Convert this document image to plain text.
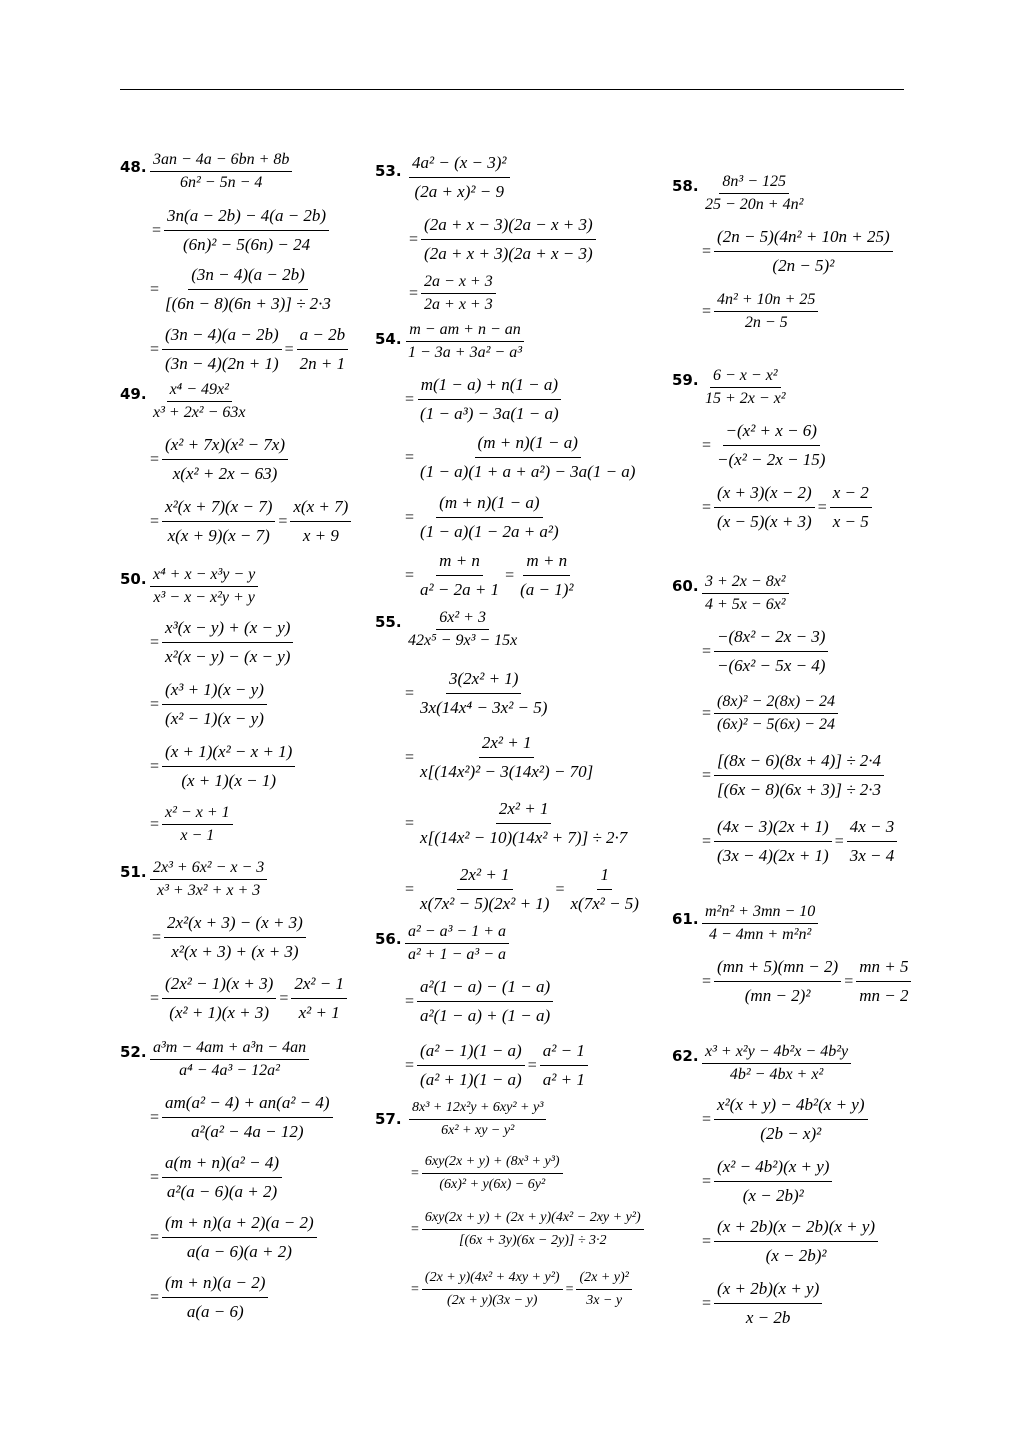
48. $\frac{3an - 4a - 6bn + 8b}{\text{6n² − 5n − 4}}$
= $\frac{3n(a - 2b) - 4(a - 2b)}{\text{(6n)² − 5(6n) − 24}}$
= $\frac{(3n - 4)(a - 2b)}{[(6n - 8)(6n + 3)] \div 2\cdot 3}$
= $\frac{(3n - 4)(a - 2b)}{(3n - 4)(2n + 1)} = \frac{a - 2b}{2n + 1}$
49. $\frac{\text{x⁴ − 49x²}}{\text{x³ + 2x² − 63x}}$
= $\frac{\text{(x² + 7x)(x² − 7x)}}{\text{x(x² + 2x − 63)}}$
= $\frac{\text{x²(x + 7)(x − 7)}}{x(x + 9)(x - 7)} = \frac{x(x + 7)}{x + 9}$
50. $\frac{\text{x⁴ + x − x³y − y}}{\text{x³ − x − x²y + y}}$
= $\frac{\text{x³(x − y) + (x − y)}}{\text{x²(x − y) − (x − y)}}$
= $\frac{\text{(x³ + 1)(x − y)}}{\text{(x² − 1)(x − y)}}$
= $\frac{\text{(x + 1)(x² − x + 1)}}{(x + 1)(x - 1)}$
= $\frac{\text{x² − x + 1}}{x - 1}$
51. $\frac{\text{2x³ + 6x² − x − 3}}{\text{x³ + 3x² + x + 3}}$
= $\frac{\text{2x²(x + 3) − (x + 3)}}{\text{x²(x + 3) + (x + 3)}}$
= $\frac{\text{(2x² − 1)(x + 3)}}{\text{(x² + 1)(x + 3)}} = \frac{\text{2x² − 1}}{\text{x² + 1}}$
52. $\frac{\text{a³m − 4am + a³n − 4an}}{\text{a⁴ − 4a³ − 12a²}}$
= $\frac{\text{am(a² − 4) + an(a² − 4)}}{\text{a²(a² − 4a − 12)}}$
= $\frac{\text{a(m + n)(a² − 4)}}{\text{a²(a − 6)(a + 2)}}$
= $\frac{(m + n)(a + 2)(a - 2)}{a(a - 6)(a + 2)}$
= $\frac{(m + n)(a - 2)}{a(a - 6)}$
53. $\frac{\text{4a² − (x − 3)²}}{\text{(2a + x)² − 9}}$
= $\frac{(2a + x - 3)(2a - x + 3)}{(2a + x + 3)(2a + x - 3)}$
= $\frac{2a - x + 3}{2a + x + 3}$
54. $\frac{m - am + n - an}{\text{1 − 3a + 3a² − a³}}$
= $\frac{m(1 - a) + n(1 - a)}{\text{(1 − a³) − 3a(1 − a)}}$
= $\frac{(m + n)(1 - a)}{\text{(1 − a)(1 + a + a²) − 3a(1 − a)}}$
= $\frac{(m + n)(1 - a)}{\text{(1 − a)(1 − 2a + a²)}}$
= $\frac{m + n}{\text{a² − 2a + 1}} = \frac{m + n}{\text{(a − 1)²}}$
55. $\frac{\text{6x² + 3}}{\text{42x⁵ − 9x³ − 15x}}$
= $\frac{\text{3(2x² + 1)}}{\text{3x(14x⁴ − 3x² − 5)}}$
= $\frac{\text{2x² + 1}}{\text{x[(14x²)² − 3(14x²) − 70]}}$
= $\frac{\text{2x² + 1}}{\text{x[(14x² − 10)(14x² + 7)] ÷ 2·7}}$
= $\frac{\text{2x² + 1}}{\text{x(7x² − 5)(2x² + 1)}} = \frac{1}{\text{x(7x² − 5)}}$
56. $\frac{\text{a² − a³ − 1 + a}}{\text{a² + 1 − a³ − a}}$
= $\frac{\text{a²(1 − a) − (1 − a)}}{\text{a²(1 − a) + (1 − a)}}$
= $\frac{\text{(a² − 1)(1 − a)}}{\text{(a² + 1)(1 − a)}} = \frac{\text{a² − 1}}{\text{a² + 1}}$
57. $\frac{\text{8x³ + 12x²y + 6xy² + y³}}{\text{6x² + xy − y²}}$
= $\frac{\text{6xy(2x + y) + (8x³ + y³)}}{\text{(6x)² + y(6x) − 6y²}}$
= $\frac{\text{6xy(2x + y) + (2x + y)(4x² − 2xy + y²)}}{[(6x + 3y)(6x - 2y)] \div 3\cdot 2}$
= $\frac{\text{(2x + y)(4x² + 4xy + y²)}}{(2x + y)(3x - y)} = \frac{\text{(2x + y)²}}{3x - y}$
58. $\frac{\text{8n³ − 125}}{\text{25 − 20n + 4n²}}$
= $\frac{\text{(2n − 5)(4n² + 10n + 25)}}{\text{(2n − 5)²}}$
= $\frac{\text{4n² + 10n + 25}}{2n - 5}$
59. $\frac{\text{6 − x − x²}}{\text{15 + 2x − x²}}$
= $\frac{\text{−(x² + x − 6)}}{\text{−(x² − 2x − 15)}}$
= $\frac{(x + 3)(x - 2)}{(x - 5)(x + 3)} = \frac{x - 2}{x - 5}$
60. $\frac{\text{3 + 2x − 8x²}}{\text{4 + 5x − 6x²}}$
= $\frac{\text{−(8x² − 2x − 3)}}{\text{−(6x² − 5x − 4)}}$
= $\frac{\text{(8x)² − 2(8x) − 24}}{\text{(6x)² − 5(6x) − 24}}$
= $\frac{[(8x - 6)(8x + 4)] \div 2\cdot 4}{[(6x - 8)(6x + 3)] \div 2\cdot 3}$
= $\frac{(4x - 3)(2x + 1)}{(3x - 4)(2x + 1)} = \frac{4x - 3}{3x - 4}$
61. $\frac{\text{m²n² + 3mn − 10}}{\text{4 − 4mn + m²n²}}$
= $\frac{(mn + 5)(mn - 2)}{\text{(mn − 2)²}} = \frac{mn + 5}{mn - 2}$
62. $\frac{\text{x³ + x²y − 4b²x − 4b²y}}{\text{4b² − 4bx + x²}}$
= $\frac{\text{x²(x + y) − 4b²(x + y)}}{\text{(2b − x)²}}$
= $\frac{\text{(x² − 4b²)(x + y)}}{\text{(x − 2b)²}}$
= $\frac{(x + 2b)(x - 2b)(x + y)}{\text{(x − 2b)²}}$
= $\frac{(x + 2b)(x + y)}{x - 2b}$
